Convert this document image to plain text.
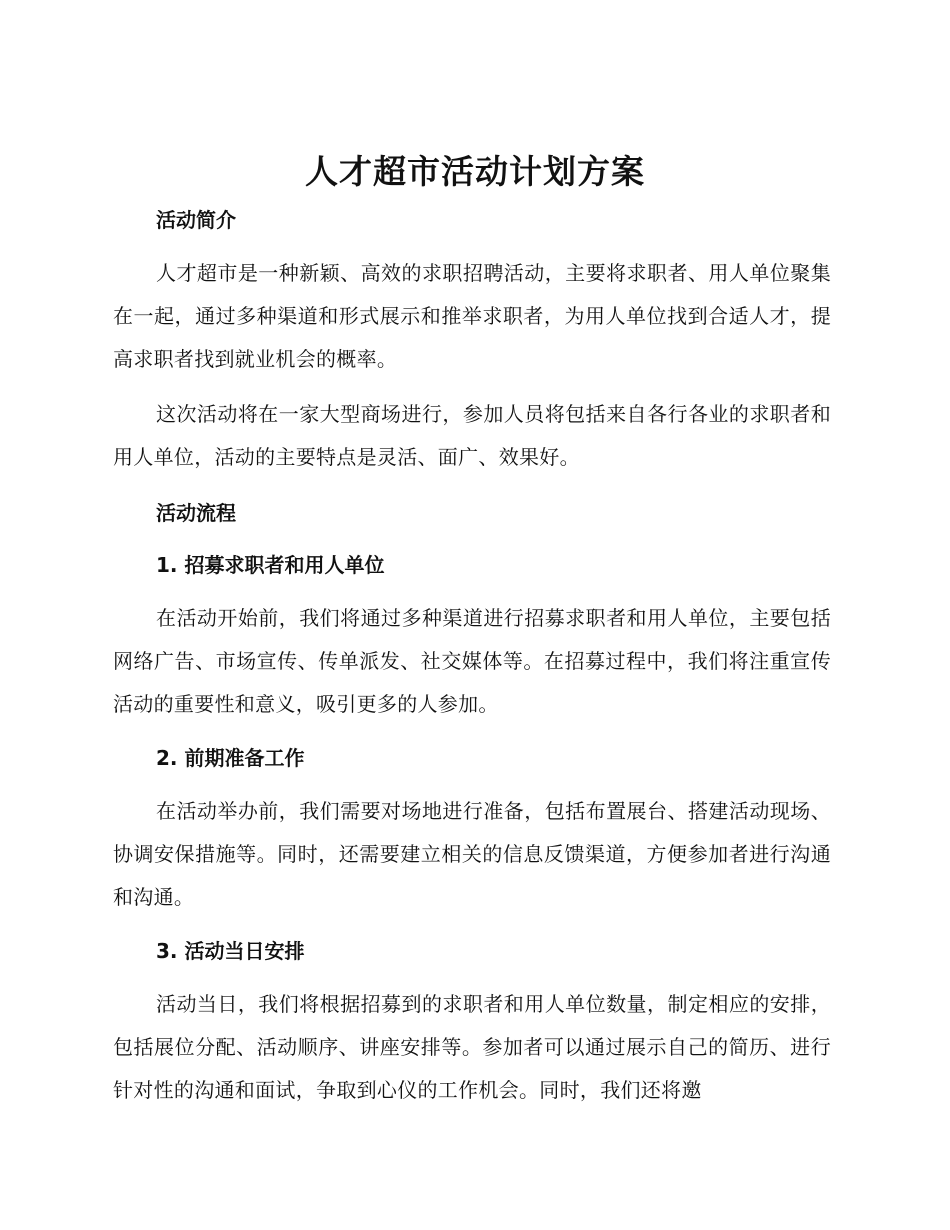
人才超市活动计划方案

活动简介

人才超市是一种新颖、高效的求职招聘活动，主要将求职者、用人单位聚集在一起，通过多种渠道和形式展示和推举求职者，为用人单位找到合适人才，提高求职者找到就业机会的概率。

这次活动将在一家大型商场进行，参加人员将包括来自各行各业的求职者和用人单位，活动的主要特点是灵活、面广、效果好。

活动流程

1. 招募求职者和用人单位

在活动开始前，我们将通过多种渠道进行招募求职者和用人单位，主要包括网络广告、市场宣传、传单派发、社交媒体等。在招募过程中，我们将注重宣传活动的重要性和意义，吸引更多的人参加。

2. 前期准备工作

在活动举办前，我们需要对场地进行准备，包括布置展台、搭建活动现场、协调安保措施等。同时，还需要建立相关的信息反馈渠道，方便参加者进行沟通和沟通。

3. 活动当日安排

活动当日，我们将根据招募到的求职者和用人单位数量，制定相应的安排，包括展位分配、活动顺序、讲座安排等。参加者可以通过展示自己的简历、进行针对性的沟通和面试，争取到心仪的工作机会。同时，我们还将邀
